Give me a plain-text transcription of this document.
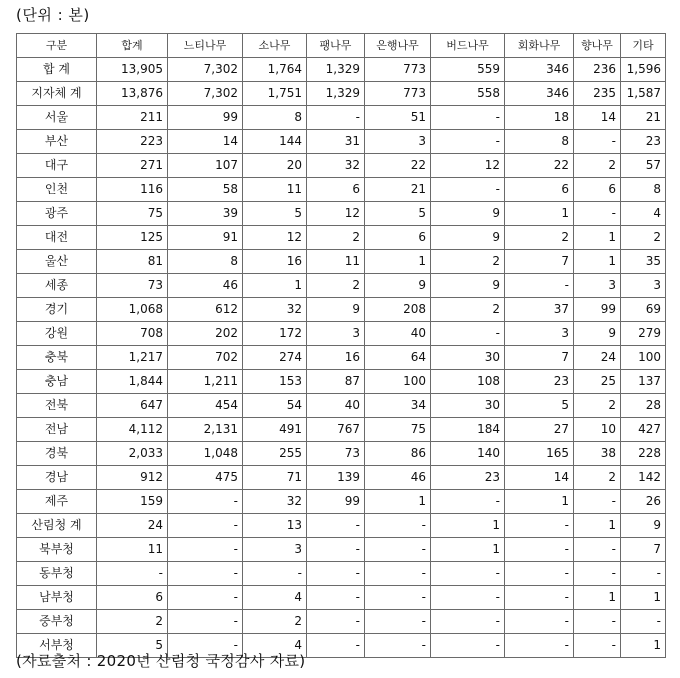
(단위 : 본)
구분	합계	느티나무	소나무	팽나무	은행나무	버드나무	회화나무	향나무	기타
합 계	13,905	7,302	1,764	1,329	773	559	346	236	1,596
지자체 계	13,876	7,302	1,751	1,329	773	558	346	235	1,587
서울	211	99	8	-	51	-	18	14	21
부산	223	14	144	31	3	-	8	-	23
대구	271	107	20	32	22	12	22	2	57
인천	116	58	11	6	21	-	6	6	8
광주	75	39	5	12	5	9	1	-	4
대전	125	91	12	2	6	9	2	1	2
울산	81	8	16	11	1	2	7	1	35
세종	73	46	1	2	9	9	-	3	3
경기	1,068	612	32	9	208	2	37	99	69
강원	708	202	172	3	40	-	3	9	279
충북	1,217	702	274	16	64	30	7	24	100
충남	1,844	1,211	153	87	100	108	23	25	137
전북	647	454	54	40	34	30	5	2	28
전남	4,112	2,131	491	767	75	184	27	10	427
경북	2,033	1,048	255	73	86	140	165	38	228
경남	912	475	71	139	46	23	14	2	142
제주	159	-	32	99	1	-	1	-	26
산림청 계	24	-	13	-	-	1	-	1	9
북부청	11	-	3	-	-	1	-	-	7
동부청	-	-	-	-	-	-	-	-	-
남부청	6	-	4	-	-	-	-	1	1
중부청	2	-	2	-	-	-	-	-	-
서부청	5	-	4	-	-	-	-	-	1
(자료출처 : 2020년 산림청 국정감사 자료)
